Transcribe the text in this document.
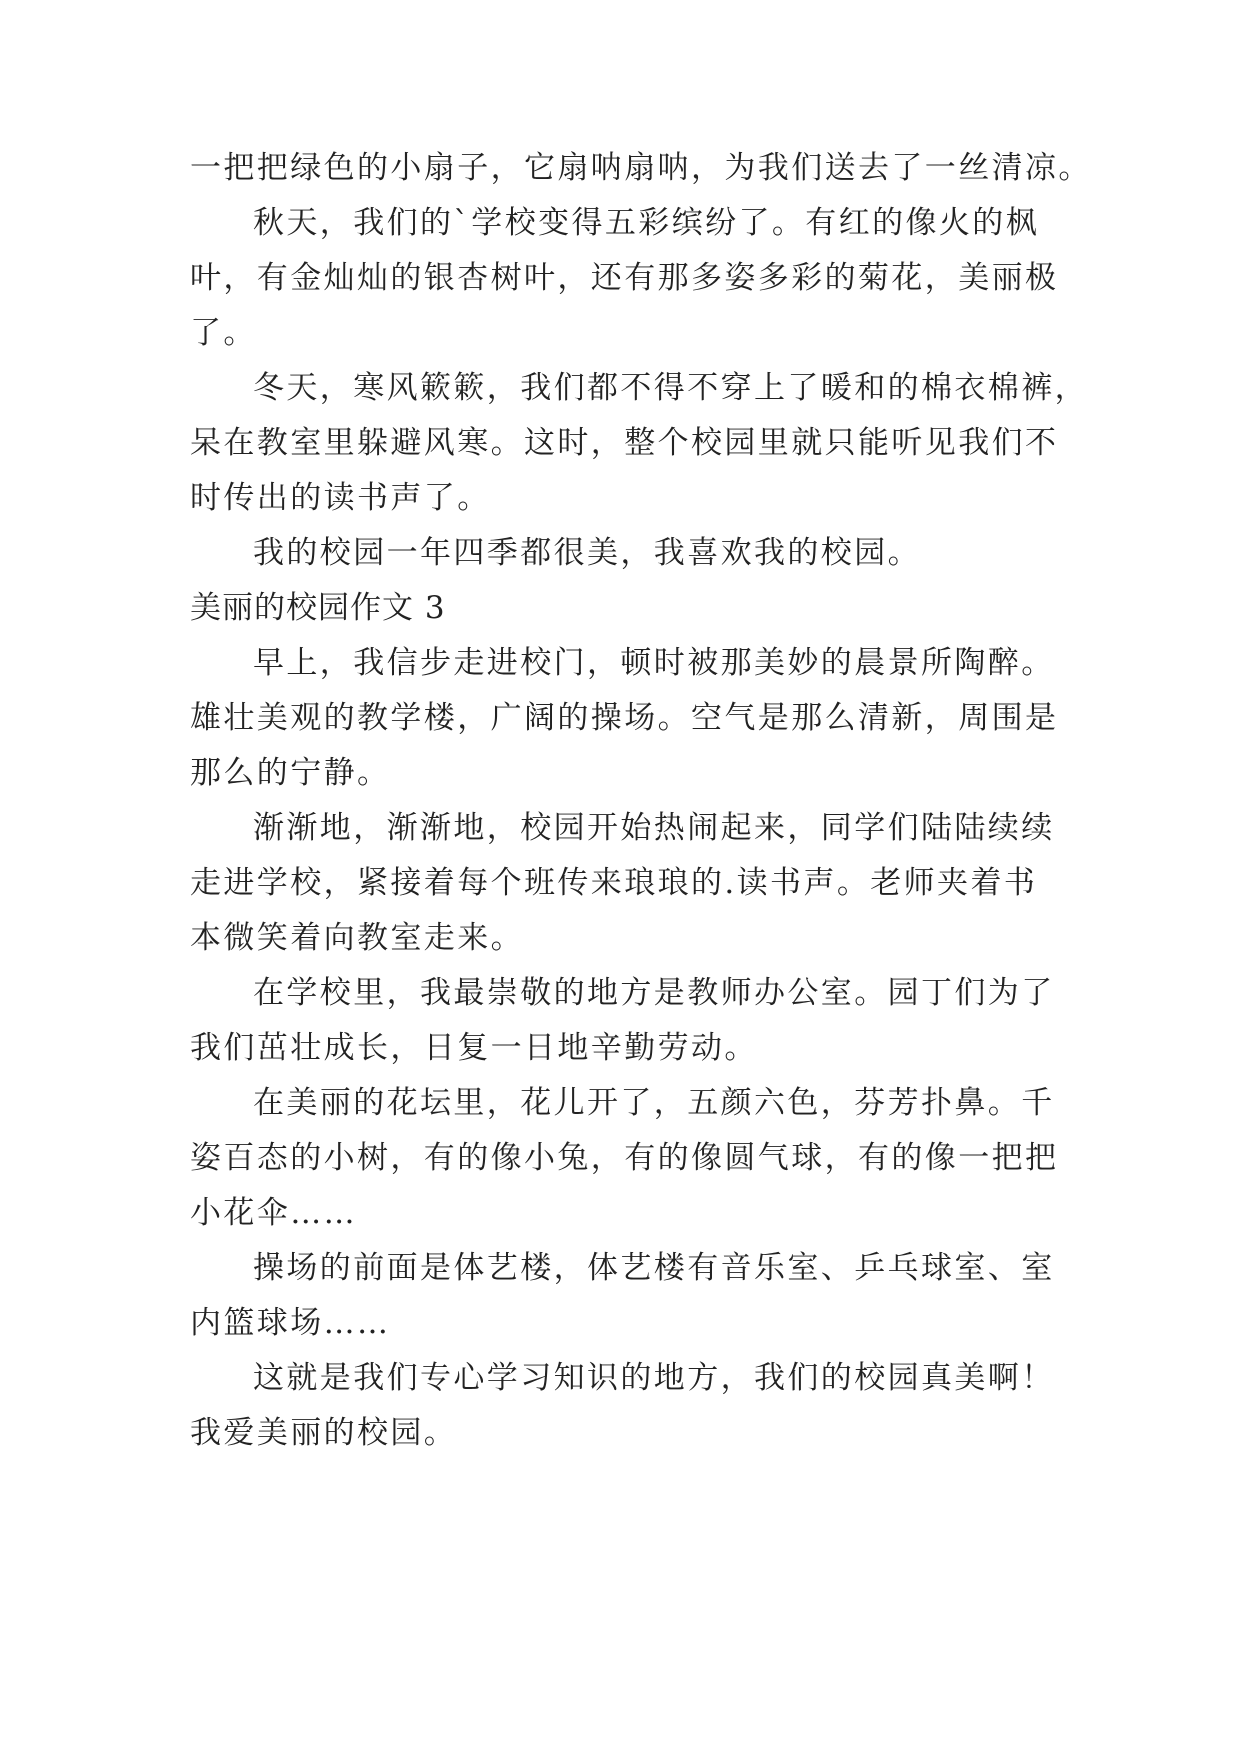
一把把绿色的小扇子，它扇呐扇呐，为我们送去了一丝清凉。
秋天，我们的`学校变得五彩缤纷了。有红的像火的枫
叶，有金灿灿的银杏树叶，还有那多姿多彩的菊花，美丽极
了。
冬天，寒风簌簌，我们都不得不穿上了暖和的棉衣棉裤，
呆在教室里躲避风寒。这时，整个校园里就只能听见我们不
时传出的读书声了。
我的校园一年四季都很美，我喜欢我的校园。
美丽的校园作文 3
早上，我信步走进校门，顿时被那美妙的晨景所陶醉。
雄壮美观的教学楼，广阔的操场。空气是那么清新，周围是
那么的宁静。
渐渐地，渐渐地，校园开始热闹起来，同学们陆陆续续
走进学校，紧接着每个班传来琅琅的.读书声。老师夹着书
本微笑着向教室走来。
在学校里，我最崇敬的地方是教师办公室。园丁们为了
我们茁壮成长，日复一日地辛勤劳动。
在美丽的花坛里，花儿开了，五颜六色，芬芳扑鼻。千
姿百态的小树，有的像小兔，有的像圆气球，有的像一把把
小花伞……
操场的前面是体艺楼，体艺楼有音乐室、乒乓球室、室
内篮球场……
这就是我们专心学习知识的地方，我们的校园真美啊！
我爱美丽的校园。
